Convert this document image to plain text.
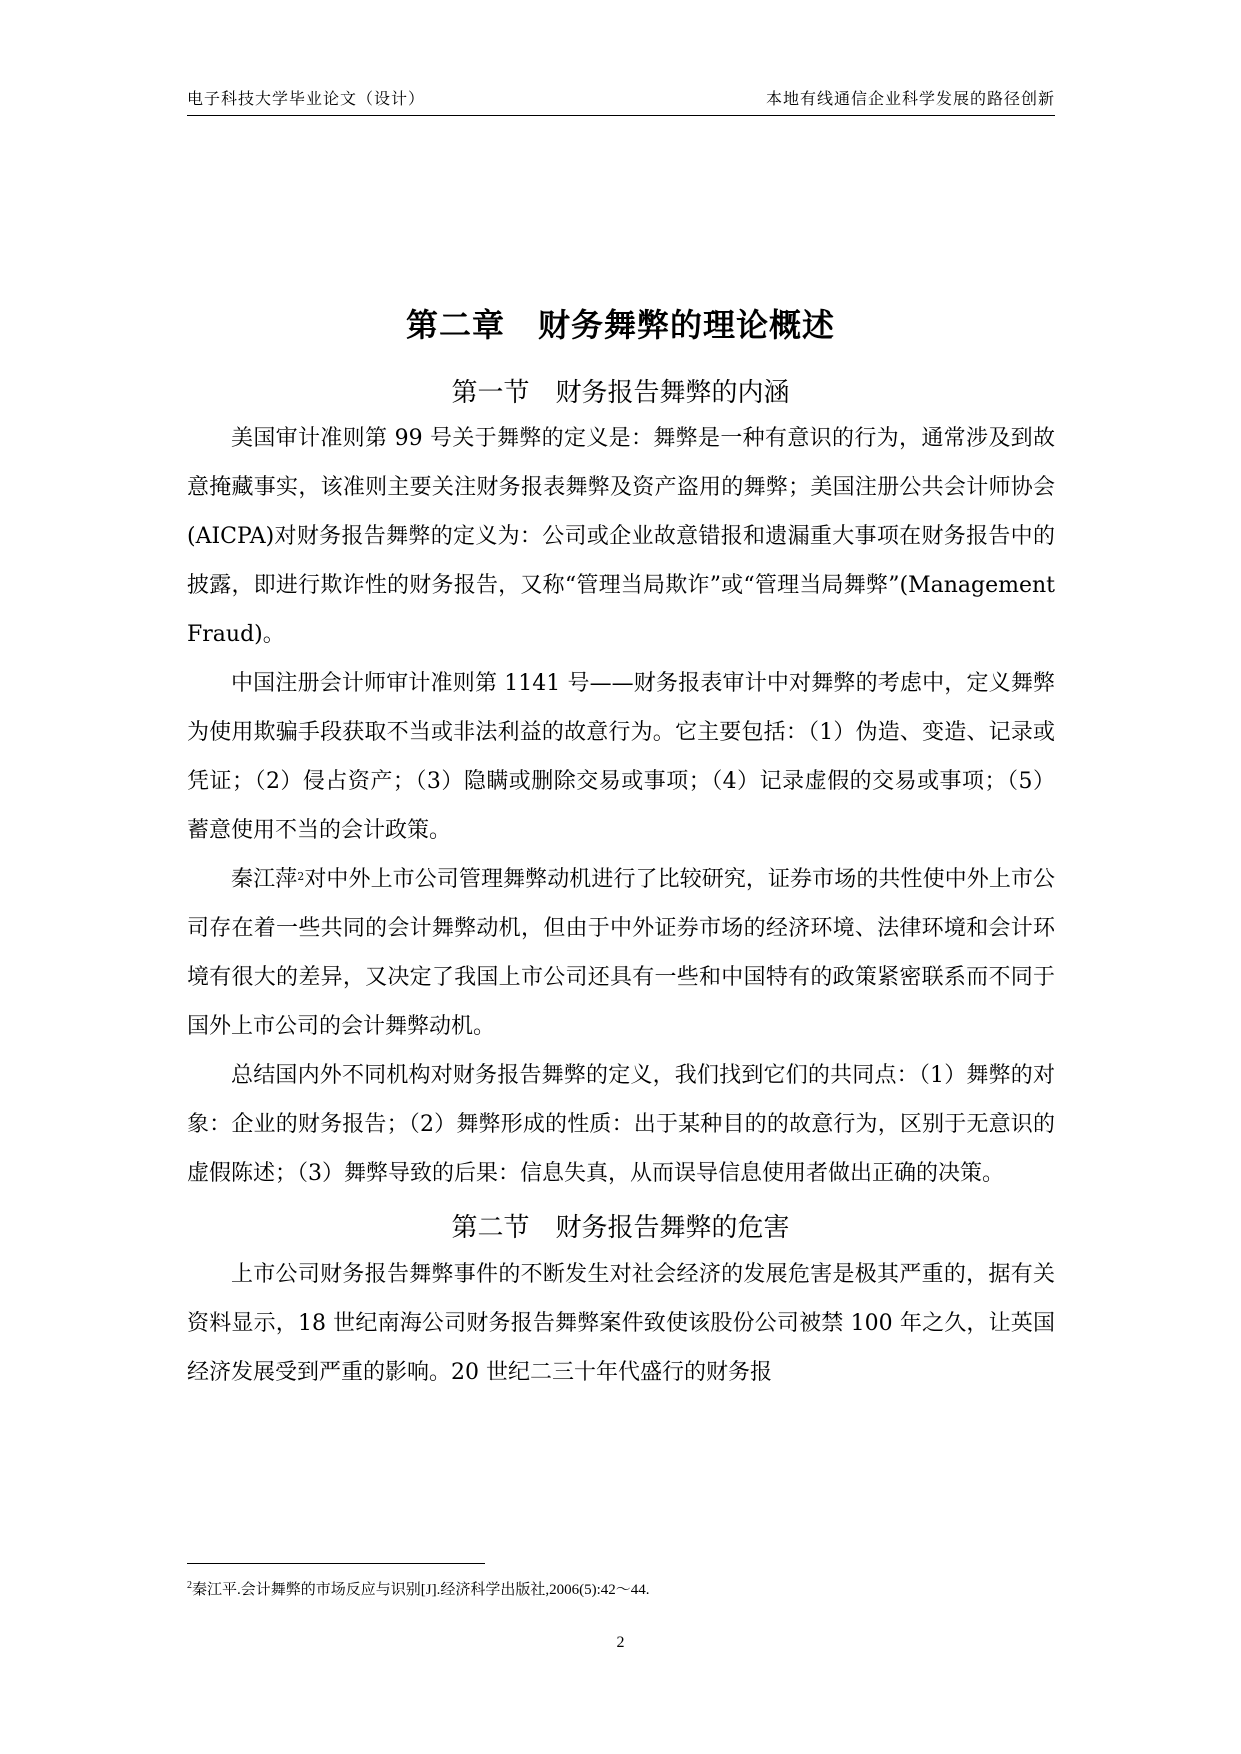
电子科技大学毕业论文（设计）	本地有线通信企业科学发展的路径创新
第二章　财务舞弊的理论概述
第一节　财务报告舞弊的内涵

美国审计准则第 99 号关于舞弊的定义是：舞弊是一种有意识的行为，通常涉及到故意掩藏事实，该准则主要关注财务报表舞弊及资产盗用的舞弊；美国注册公共会计师协会(AICPA)对财务报告舞弊的定义为：公司或企业故意错报和遗漏重大事项在财务报告中的披露，即进行欺诈性的财务报告，又称“管理当局欺诈”或“管理当局舞弊”(Management Fraud)。

中国注册会计师审计准则第 1141 号——财务报表审计中对舞弊的考虑中，定义舞弊为使用欺骗手段获取不当或非法利益的故意行为。它主要包括：（1）伪造、变造、记录或凭证；（2）侵占资产；（3）隐瞒或删除交易或事项；（4）记录虚假的交易或事项；（5）蓄意使用不当的会计政策。

秦江萍$^2$对中外上市公司管理舞弊动机进行了比较研究，证券市场的共性使中外上市公司存在着一些共同的会计舞弊动机，但由于中外证券市场的经济环境、法律环境和会计环境有很大的差异，又决定了我国上市公司还具有一些和中国特有的政策紧密联系而不同于国外上市公司的会计舞弊动机。

总结国内外不同机构对财务报告舞弊的定义，我们找到它们的共同点：（1）舞弊的对象：企业的财务报告；（2）舞弊形成的性质：出于某种目的的故意行为，区别于无意识的虚假陈述；（3）舞弊导致的后果：信息失真，从而误导信息使用者做出正确的决策。

第二节　财务报告舞弊的危害

上市公司财务报告舞弊事件的不断发生对社会经济的发展危害是极其严重的，据有关资料显示，18 世纪南海公司财务报告舞弊案件致使该股份公司被禁 100 年之久，让英国经济发展受到严重的影响。20 世纪二三十年代盛行的财务报

$^2$秦江平.会计舞弊的市场反应与识别[J].经济科学出版社,2006(5):42～44.
2
